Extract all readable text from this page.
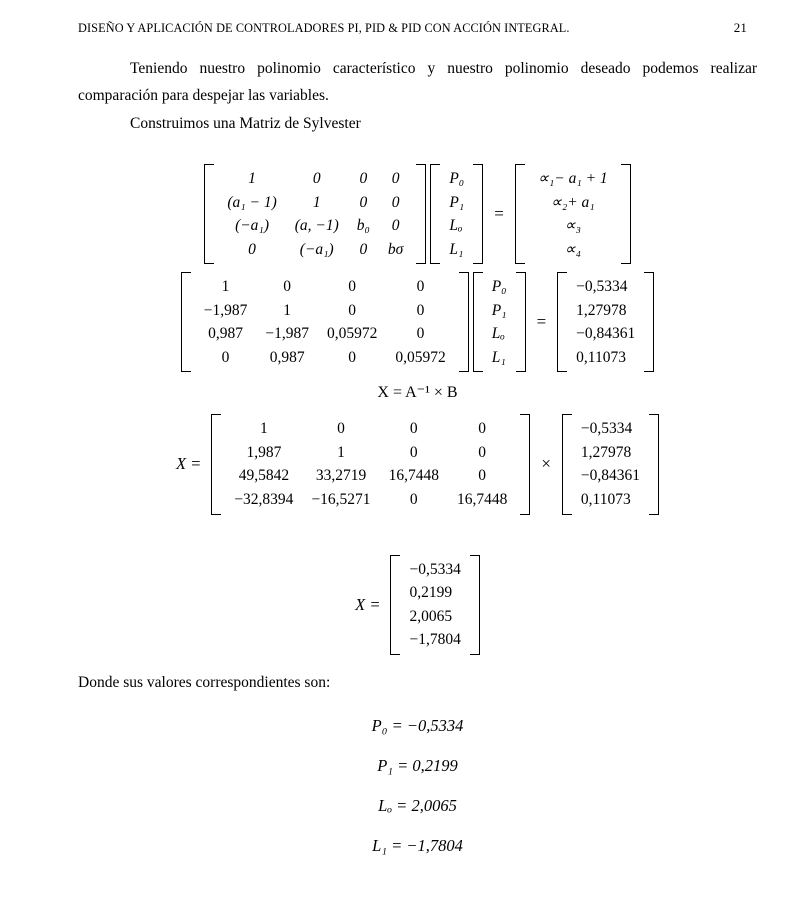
DISEÑO Y APLICACIÓN DE CONTROLADORES PI, PID & PID CON ACCIÓN INTEGRAL.	21

Teniendo nuestro polinomio característico y nuestro polinomio deseado podemos realizar comparación para despejar las variables.

Construimos una Matriz de Sylvester

1	0	0	0
(a₁ − 1)	1	0	0
(−a₁)	(a, −1)	b₀	0
0	(−a₁)	0	bσ
P₀
P₁
Lₒ
L₁
=
∝₁− a₁ + 1
∝₂+ a₁
∝₃
∝₄
1	0	0	0
−1,987	1	0	0
0,987	−1,987	0,05972	0
0	0,987	0	0,05972
P₀
P₁
Lₒ
L₁
=
−0,5334
1,27978
−0,84361
0,11073
X = A⁻¹ × B
X =
1	0	0	0
1,987	1	0	0
49,5842	33,2719	16,7448	0
−32,8394	−16,5271	0	16,7448
×
−0,5334
1,27978
−0,84361
0,11073
X =
−0,5334
0,2199
2,0065
−1,7804

Donde sus valores correspondientes son:

P₀ = −0,5334
P₁ = 0,2199
Lₒ = 2,0065
L₁ = −1,7804
